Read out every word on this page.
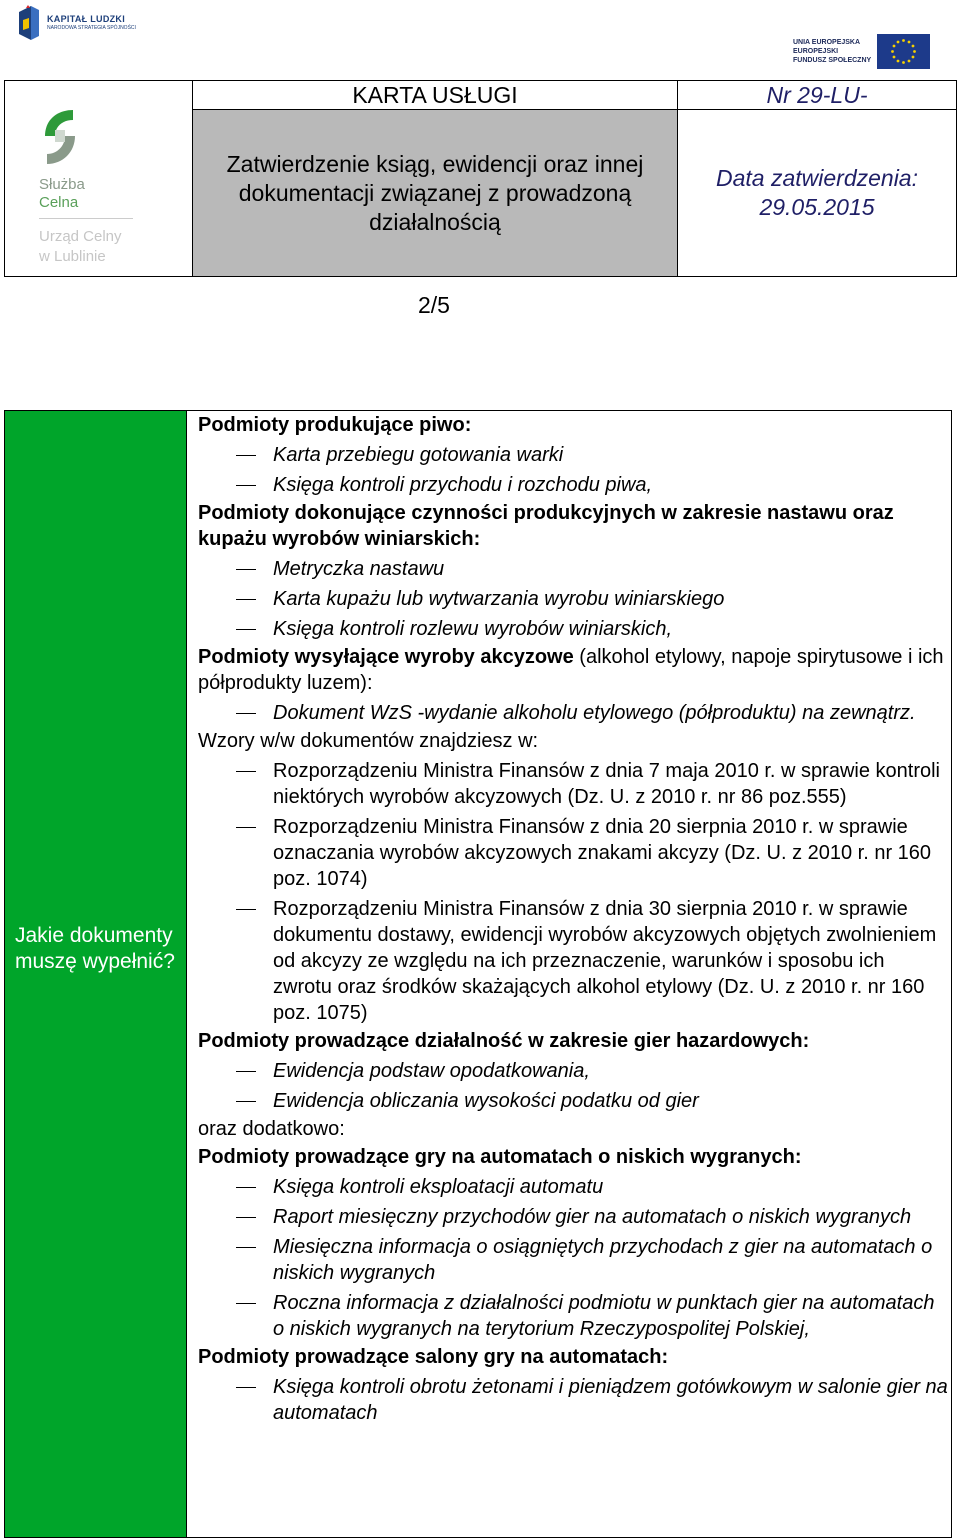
KAPITAŁ LUDZKI
NARODOWA STRATEGIA SPÓJNOŚCI
UNIA EUROPEJSKA
EUROPEJSKI
FUNDUSZ SPOŁECZNY
Służba
Celna
Urząd Celny
w Lublinie	KARTA USŁUGI	Nr 29-LU-
	Zatwierdzenie ksiąg, ewidencji oraz innej dokumentacji związanej z prowadzoną działalnością	Data zatwierdzenia:
29.05.2015
2/5
Jakie dokumenty muszę wypełnić?
Podmioty produkujące piwo:
Karta przebiegu gotowania warki
Księga kontroli przychodu i rozchodu piwa,
Podmioty dokonujące czynności produkcyjnych w zakresie nastawu oraz kupażu wyrobów winiarskich:
Metryczka nastawu
Karta kupażu lub wytwarzania wyrobu winiarskiego
Księga kontroli rozlewu wyrobów winiarskich,
Podmioty wysyłające wyroby akcyzowe (alkohol etylowy, napoje spirytusowe i ich półprodukty luzem):
Dokument WzS -wydanie alkoholu etylowego (półproduktu) na zewnątrz.
Wzory w/w dokumentów znajdziesz w:
Rozporządzeniu Ministra Finansów z dnia 7 maja 2010 r. w sprawie kontroli niektórych wyrobów akcyzowych (Dz. U. z 2010 r. nr 86 poz.555)
Rozporządzeniu Ministra Finansów z dnia 20 sierpnia 2010 r. w sprawie oznaczania wyrobów akcyzowych znakami akcyzy (Dz. U. z 2010 r. nr 160 poz. 1074)
Rozporządzeniu Ministra Finansów z dnia 30 sierpnia 2010 r. w sprawie dokumentu dostawy, ewidencji wyrobów akcyzowych objętych zwolnieniem od akcyzy ze względu na ich przeznaczenie, warunków i sposobu ich zwrotu oraz środków skażających alkohol etylowy (Dz. U. z 2010 r. nr 160 poz. 1075)
Podmioty prowadzące działalność w zakresie gier hazardowych:
Ewidencja podstaw opodatkowania,
Ewidencja obliczania wysokości podatku od gier
oraz dodatkowo:
Podmioty prowadzące gry na automatach o niskich wygranych:
Księga kontroli eksploatacji automatu
Raport miesięczny przychodów gier na automatach o niskich wygranych
Miesięczna informacja o osiągniętych przychodach z gier na automatach o niskich wygranych
Roczna informacja z działalności podmiotu w punktach gier na automatach o niskich wygranych na terytorium Rzeczypospolitej Polskiej,
Podmioty prowadzące salony gry na automatach:
Księga kontroli obrotu żetonami i pieniądzem gotówkowym w salonie gier na automatach
